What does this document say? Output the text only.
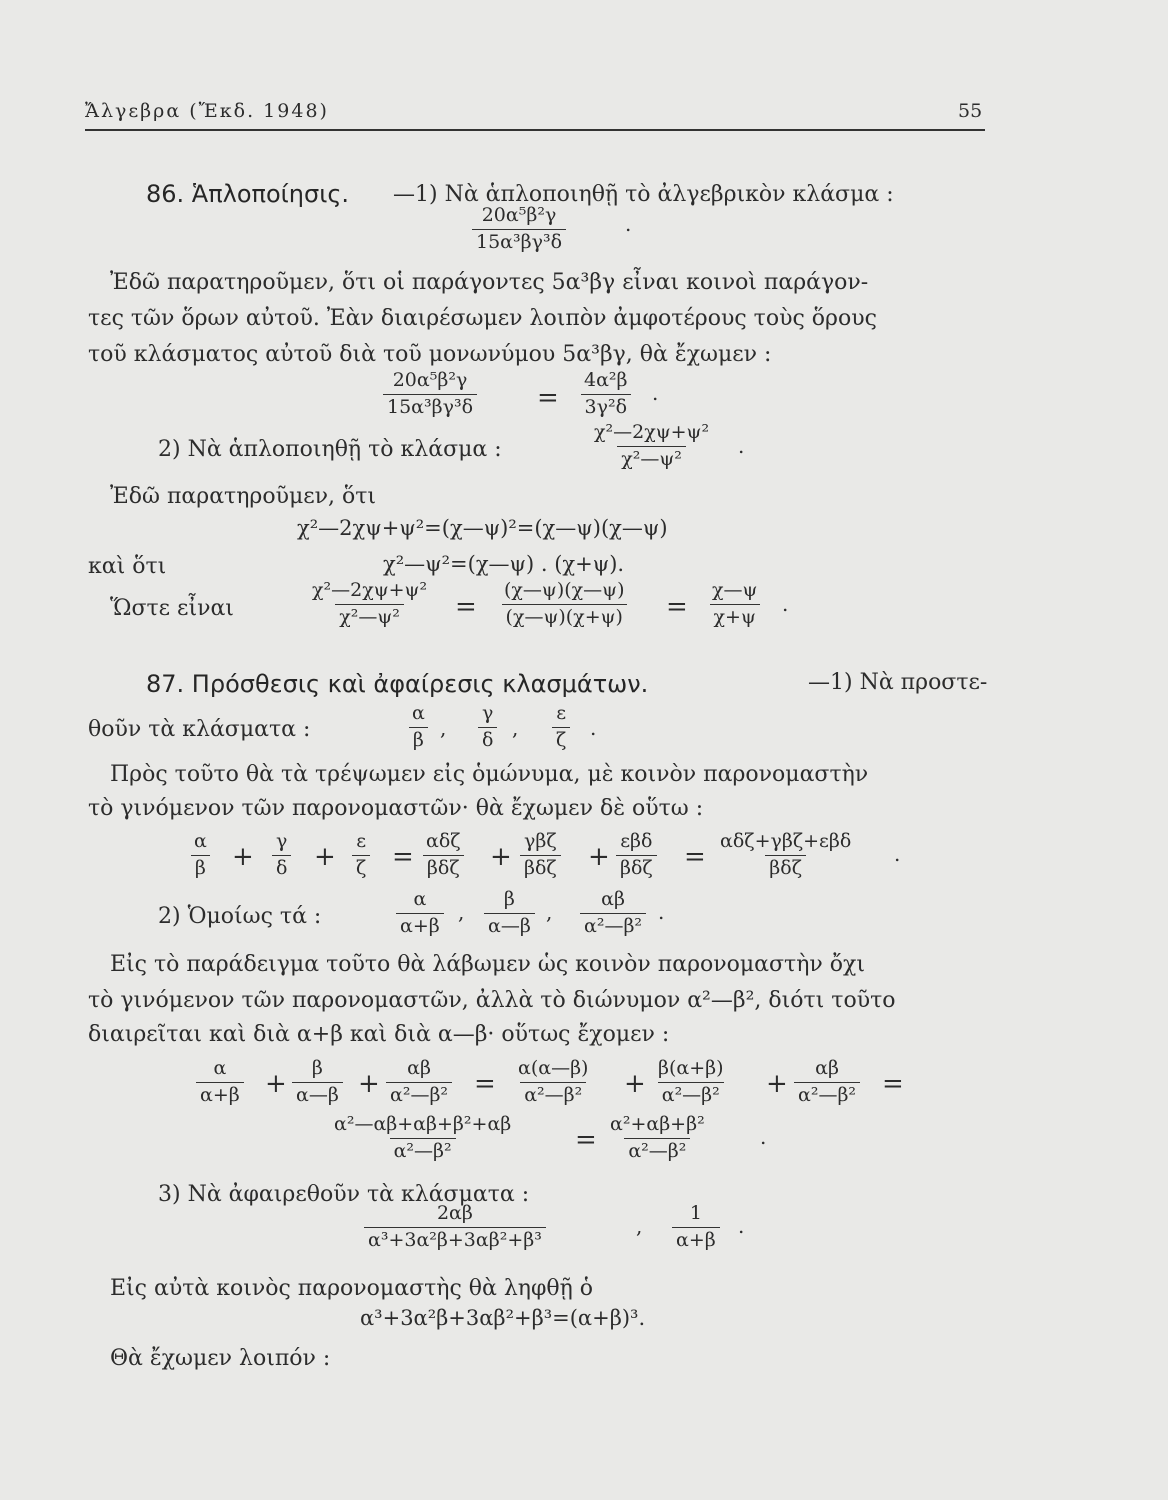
Ἄλγεβρα (Ἔκδ. 1948)	55
86. Ἁπλοποίησις. —1) Νὰ ἁπλοποιηθῇ τὸ ἀλγεβρικὸν κλάσμα :
$\frac{\text{20α⁵β²γ}}{\text{15α³βγ³δ}}$	.
Ἐδῶ παρατηροῦμεν, ὅτι οἱ παράγοντες 5α³βγ εἶναι κοινοὶ παράγον-
τες τῶν ὅρων αὐτοῦ. Ἐὰν διαιρέσωμεν λοιπὸν ἀμφοτέρους τοὺς ὅρους
τοῦ κλάσματος αὐτοῦ διὰ τοῦ μονωνύμου 5α³βγ, θὰ ἔχωμεν :
$\frac{\text{20α⁵β²γ}}{\text{15α³βγ³δ}} = \frac{\text{4α²β}}{\text{3γ²δ}}$ .
2) Νὰ ἁπλοποιηθῇ τὸ κλάσμα :	$\frac{\text{χ²—2χψ+ψ²}}{\text{χ²—ψ²}}$ .
Ἐδῶ παρατηροῦμεν, ὅτι
χ²—2χψ+ψ²=(χ—ψ)²=(χ—ψ)(χ—ψ)
καὶ ὅτι	χ²—ψ²=(χ—ψ) . (χ+ψ).
Ὥστε εἶναι	$\frac{\text{χ²—2χψ+ψ²}}{\text{χ²—ψ²}} = \frac{(\chi—\psi)(\chi—\psi)}{(\chi—\psi)(\chi+\psi)} = \frac{\chi—\psi}{\chi+\psi}$ .
87. Πρόσθεσις καὶ ἀφαίρεσις κλασμάτων.	—1) Νὰ προστε-
θοῦν τὰ κλάσματα :	$\frac{\alpha}{\beta}$ , $\frac{\gamma}{\delta}$ , $\frac{\varepsilon}{\zeta}$ .
Πρὸς τοῦτο θὰ τὰ τρέψωμεν εἰς ὁμώνυμα, μὲ κοινὸν παρονομαστὴν
τὸ γινόμενον τῶν παρονομαστῶν· θὰ ἔχωμεν δὲ οὕτω :
$\frac{\alpha}{\beta} + \frac{\gamma}{\delta} + \frac{\varepsilon}{\zeta}$ =
αδζ
βδζ +
γβζ
βδζ +
εβδ
βδζ =
αδζ+γβζ+εβδ
βδζ
.
2) Ὁμοίως τά :	$\frac{\alpha}{\alpha+\beta}$ , $\frac{\beta}{\alpha—\beta}$ , $\frac{\alpha\beta}{\text{α²—β²}}$ .
Εἰς τὸ παράδειγμα τοῦτο θὰ λάβωμεν ὡς κοινὸν παρονομαστὴν ὄχι
τὸ γινόμενον τῶν παρονομαστῶν, ἀλλὰ τὸ διώνυμον α²—β², διότι τοῦτο
διαιρεῖται καὶ διὰ α+β καὶ διὰ α—β· οὕτως ἔχομεν :
$\frac{\alpha}{\alpha+\beta} + \frac{\beta}{\alpha—\beta} + \frac{\alpha\beta}{\text{α²—β²}} = \frac{\alpha(\alpha—\beta)}{\text{α²—β²}} + \frac{\beta(\alpha+\beta)}{\text{α²—β²}} + \frac{\alpha\beta}{\text{α²—β²}}$ =
$\frac{\text{α²—αβ+αβ+β²+αβ}}{\text{α²—β²}} = \frac{\text{α²+αβ+β²}}{\text{α²—β²}}$	.
3) Νὰ ἀφαιρεθοῦν τὰ κλάσματα :
$\frac{2\alpha\beta}{\text{α³+3α²β+3αβ²+β³}}$	, $\frac{1}{\alpha+\beta}$ .
Εἰς αὐτὰ κοινὸς παρονομαστὴς θὰ ληφθῇ ὁ
α³+3α²β+3αβ²+β³=(α+β)³.
Θὰ ἔχωμεν λοιπόν :
